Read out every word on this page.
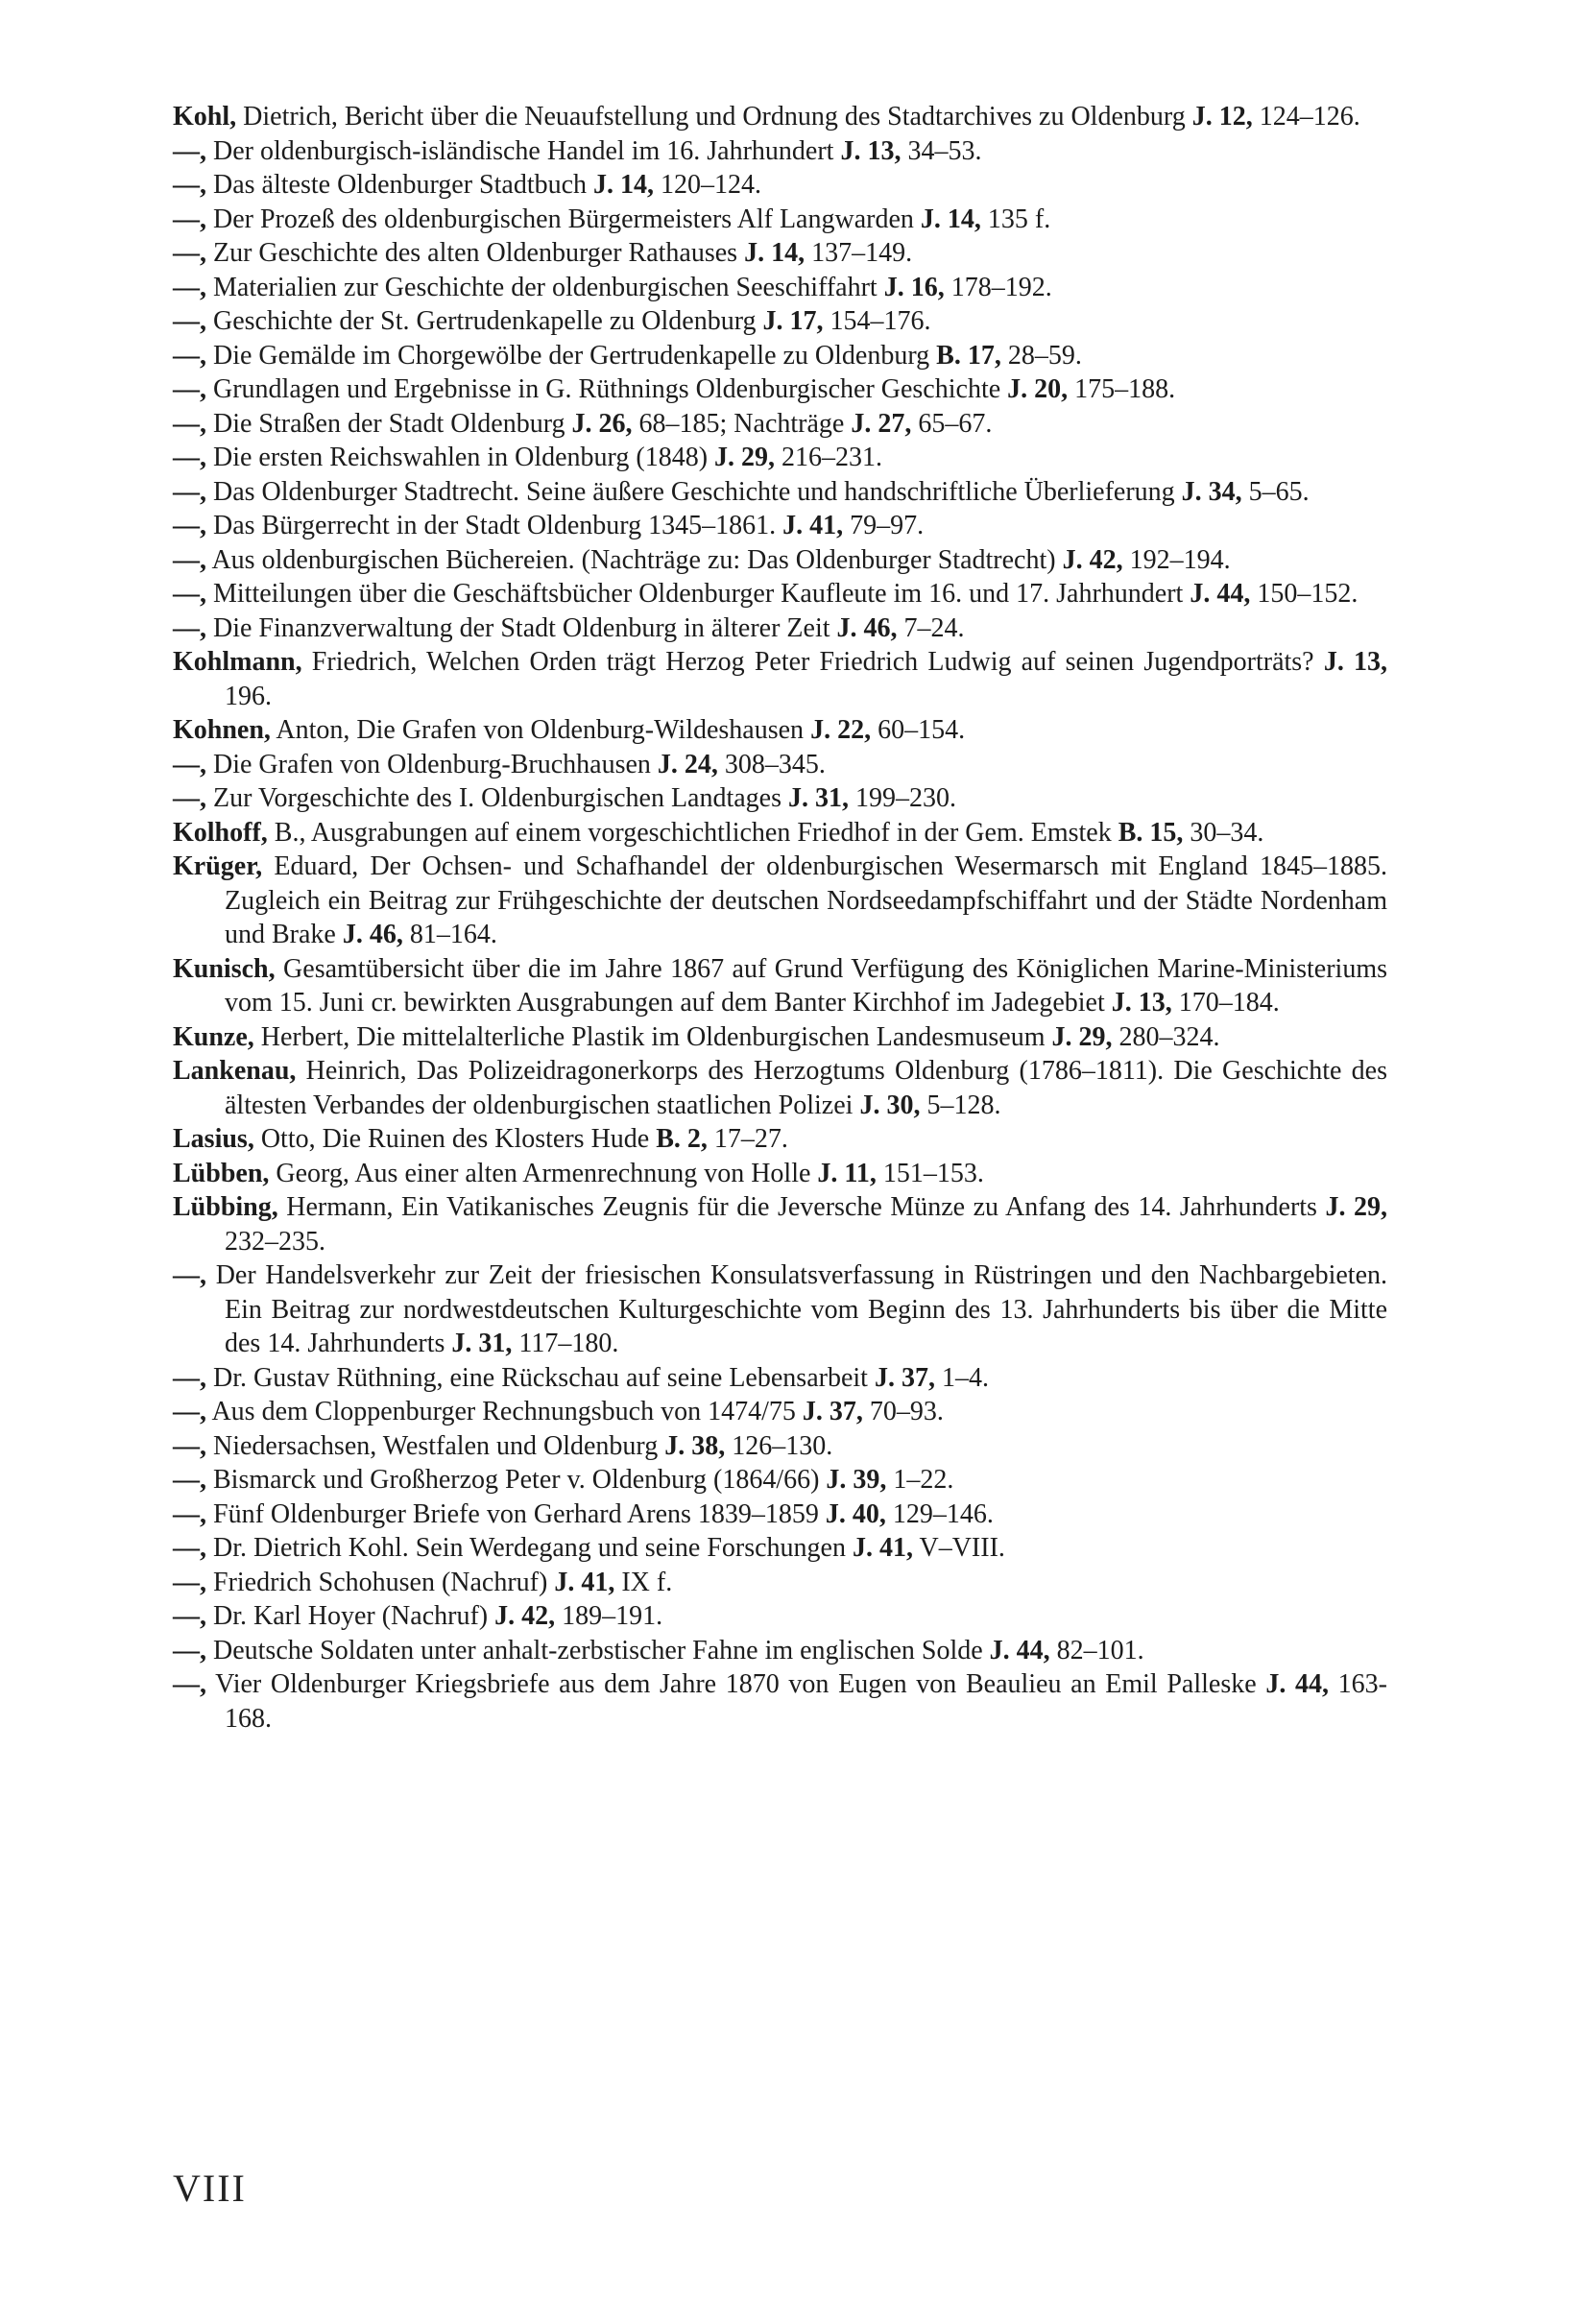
Kohl, Dietrich, Bericht über die Neuaufstellung und Ordnung des Stadtarchives zu Oldenburg J. 12, 124–126.
—, Der oldenburgisch-isländische Handel im 16. Jahrhundert J. 13, 34–53.
—, Das älteste Oldenburger Stadtbuch J. 14, 120–124.
—, Der Prozeß des oldenburgischen Bürgermeisters Alf Langwarden J. 14, 135 f.
—, Zur Geschichte des alten Oldenburger Rathauses J. 14, 137–149.
—, Materialien zur Geschichte der oldenburgischen Seeschiffahrt J. 16, 178–192.
—, Geschichte der St. Gertrudenkapelle zu Oldenburg J. 17, 154–176.
—, Die Gemälde im Chorgewölbe der Gertrudenkapelle zu Oldenburg B. 17, 28–59.
—, Grundlagen und Ergebnisse in G. Rüthnings Oldenburgischer Geschichte J. 20, 175–188.
—, Die Straßen der Stadt Oldenburg J. 26, 68–185; Nachträge J. 27, 65–67.
—, Die ersten Reichswahlen in Oldenburg (1848) J. 29, 216–231.
—, Das Oldenburger Stadtrecht. Seine äußere Geschichte und handschriftliche Überlieferung J. 34, 5–65.
—, Das Bürgerrecht in der Stadt Oldenburg 1345–1861. J. 41, 79–97.
—, Aus oldenburgischen Büchereien. (Nachträge zu: Das Oldenburger Stadtrecht) J. 42, 192–194.
—, Mitteilungen über die Geschäftsbücher Oldenburger Kaufleute im 16. und 17. Jahrhundert J. 44, 150–152.
—, Die Finanzverwaltung der Stadt Oldenburg in älterer Zeit J. 46, 7–24.
Kohlmann, Friedrich, Welchen Orden trägt Herzog Peter Friedrich Ludwig auf seinen Jugendporträts? J. 13, 196.
Kohnen, Anton, Die Grafen von Oldenburg-Wildeshausen J. 22, 60–154.
—, Die Grafen von Oldenburg-Bruchhausen J. 24, 308–345.
—, Zur Vorgeschichte des I. Oldenburgischen Landtages J. 31, 199–230.
Kolhoff, B., Ausgrabungen auf einem vorgeschichtlichen Friedhof in der Gem. Emstek B. 15, 30–34.
Krüger, Eduard, Der Ochsen- und Schafhandel der oldenburgischen Wesermarsch mit England 1845–1885. Zugleich ein Beitrag zur Frühgeschichte der deutschen Nordseedampfschiffahrt und der Städte Nordenham und Brake J. 46, 81–164.
Kunisch, Gesamtübersicht über die im Jahre 1867 auf Grund Verfügung des Königlichen Marine-Ministeriums vom 15. Juni cr. bewirkten Ausgrabungen auf dem Banter Kirchhof im Jadegebiet J. 13, 170–184.
Kunze, Herbert, Die mittelalterliche Plastik im Oldenburgischen Landesmuseum J. 29, 280–324.
Lankenau, Heinrich, Das Polizeidragonerkorps des Herzogtums Oldenburg (1786–1811). Die Geschichte des ältesten Verbandes der oldenburgischen staatlichen Polizei J. 30, 5–128.
Lasius, Otto, Die Ruinen des Klosters Hude B. 2, 17–27.
Lübben, Georg, Aus einer alten Armenrechnung von Holle J. 11, 151–153.
Lübbing, Hermann, Ein Vatikanisches Zeugnis für die Jeversche Münze zu Anfang des 14. Jahrhunderts J. 29, 232–235.
—, Der Handelsverkehr zur Zeit der friesischen Konsulatsverfassung in Rüstringen und den Nachbargebieten. Ein Beitrag zur nordwestdeutschen Kulturgeschichte vom Beginn des 13. Jahrhunderts bis über die Mitte des 14. Jahrhunderts J. 31, 117–180.
—, Dr. Gustav Rüthning, eine Rückschau auf seine Lebensarbeit J. 37, 1–4.
—, Aus dem Cloppenburger Rechnungsbuch von 1474/75 J. 37, 70–93.
—, Niedersachsen, Westfalen und Oldenburg J. 38, 126–130.
—, Bismarck und Großherzog Peter v. Oldenburg (1864/66) J. 39, 1–22.
—, Fünf Oldenburger Briefe von Gerhard Arens 1839–1859 J. 40, 129–146.
—, Dr. Dietrich Kohl. Sein Werdegang und seine Forschungen J. 41, V–VIII.
—, Friedrich Schohusen (Nachruf) J. 41, IX f.
—, Dr. Karl Hoyer (Nachruf) J. 42, 189–191.
—, Deutsche Soldaten unter anhalt-zerbstischer Fahne im englischen Solde J. 44, 82–101.
—, Vier Oldenburger Kriegsbriefe aus dem Jahre 1870 von Eugen von Beaulieu an Emil Palleske J. 44, 163-168.
VIII
